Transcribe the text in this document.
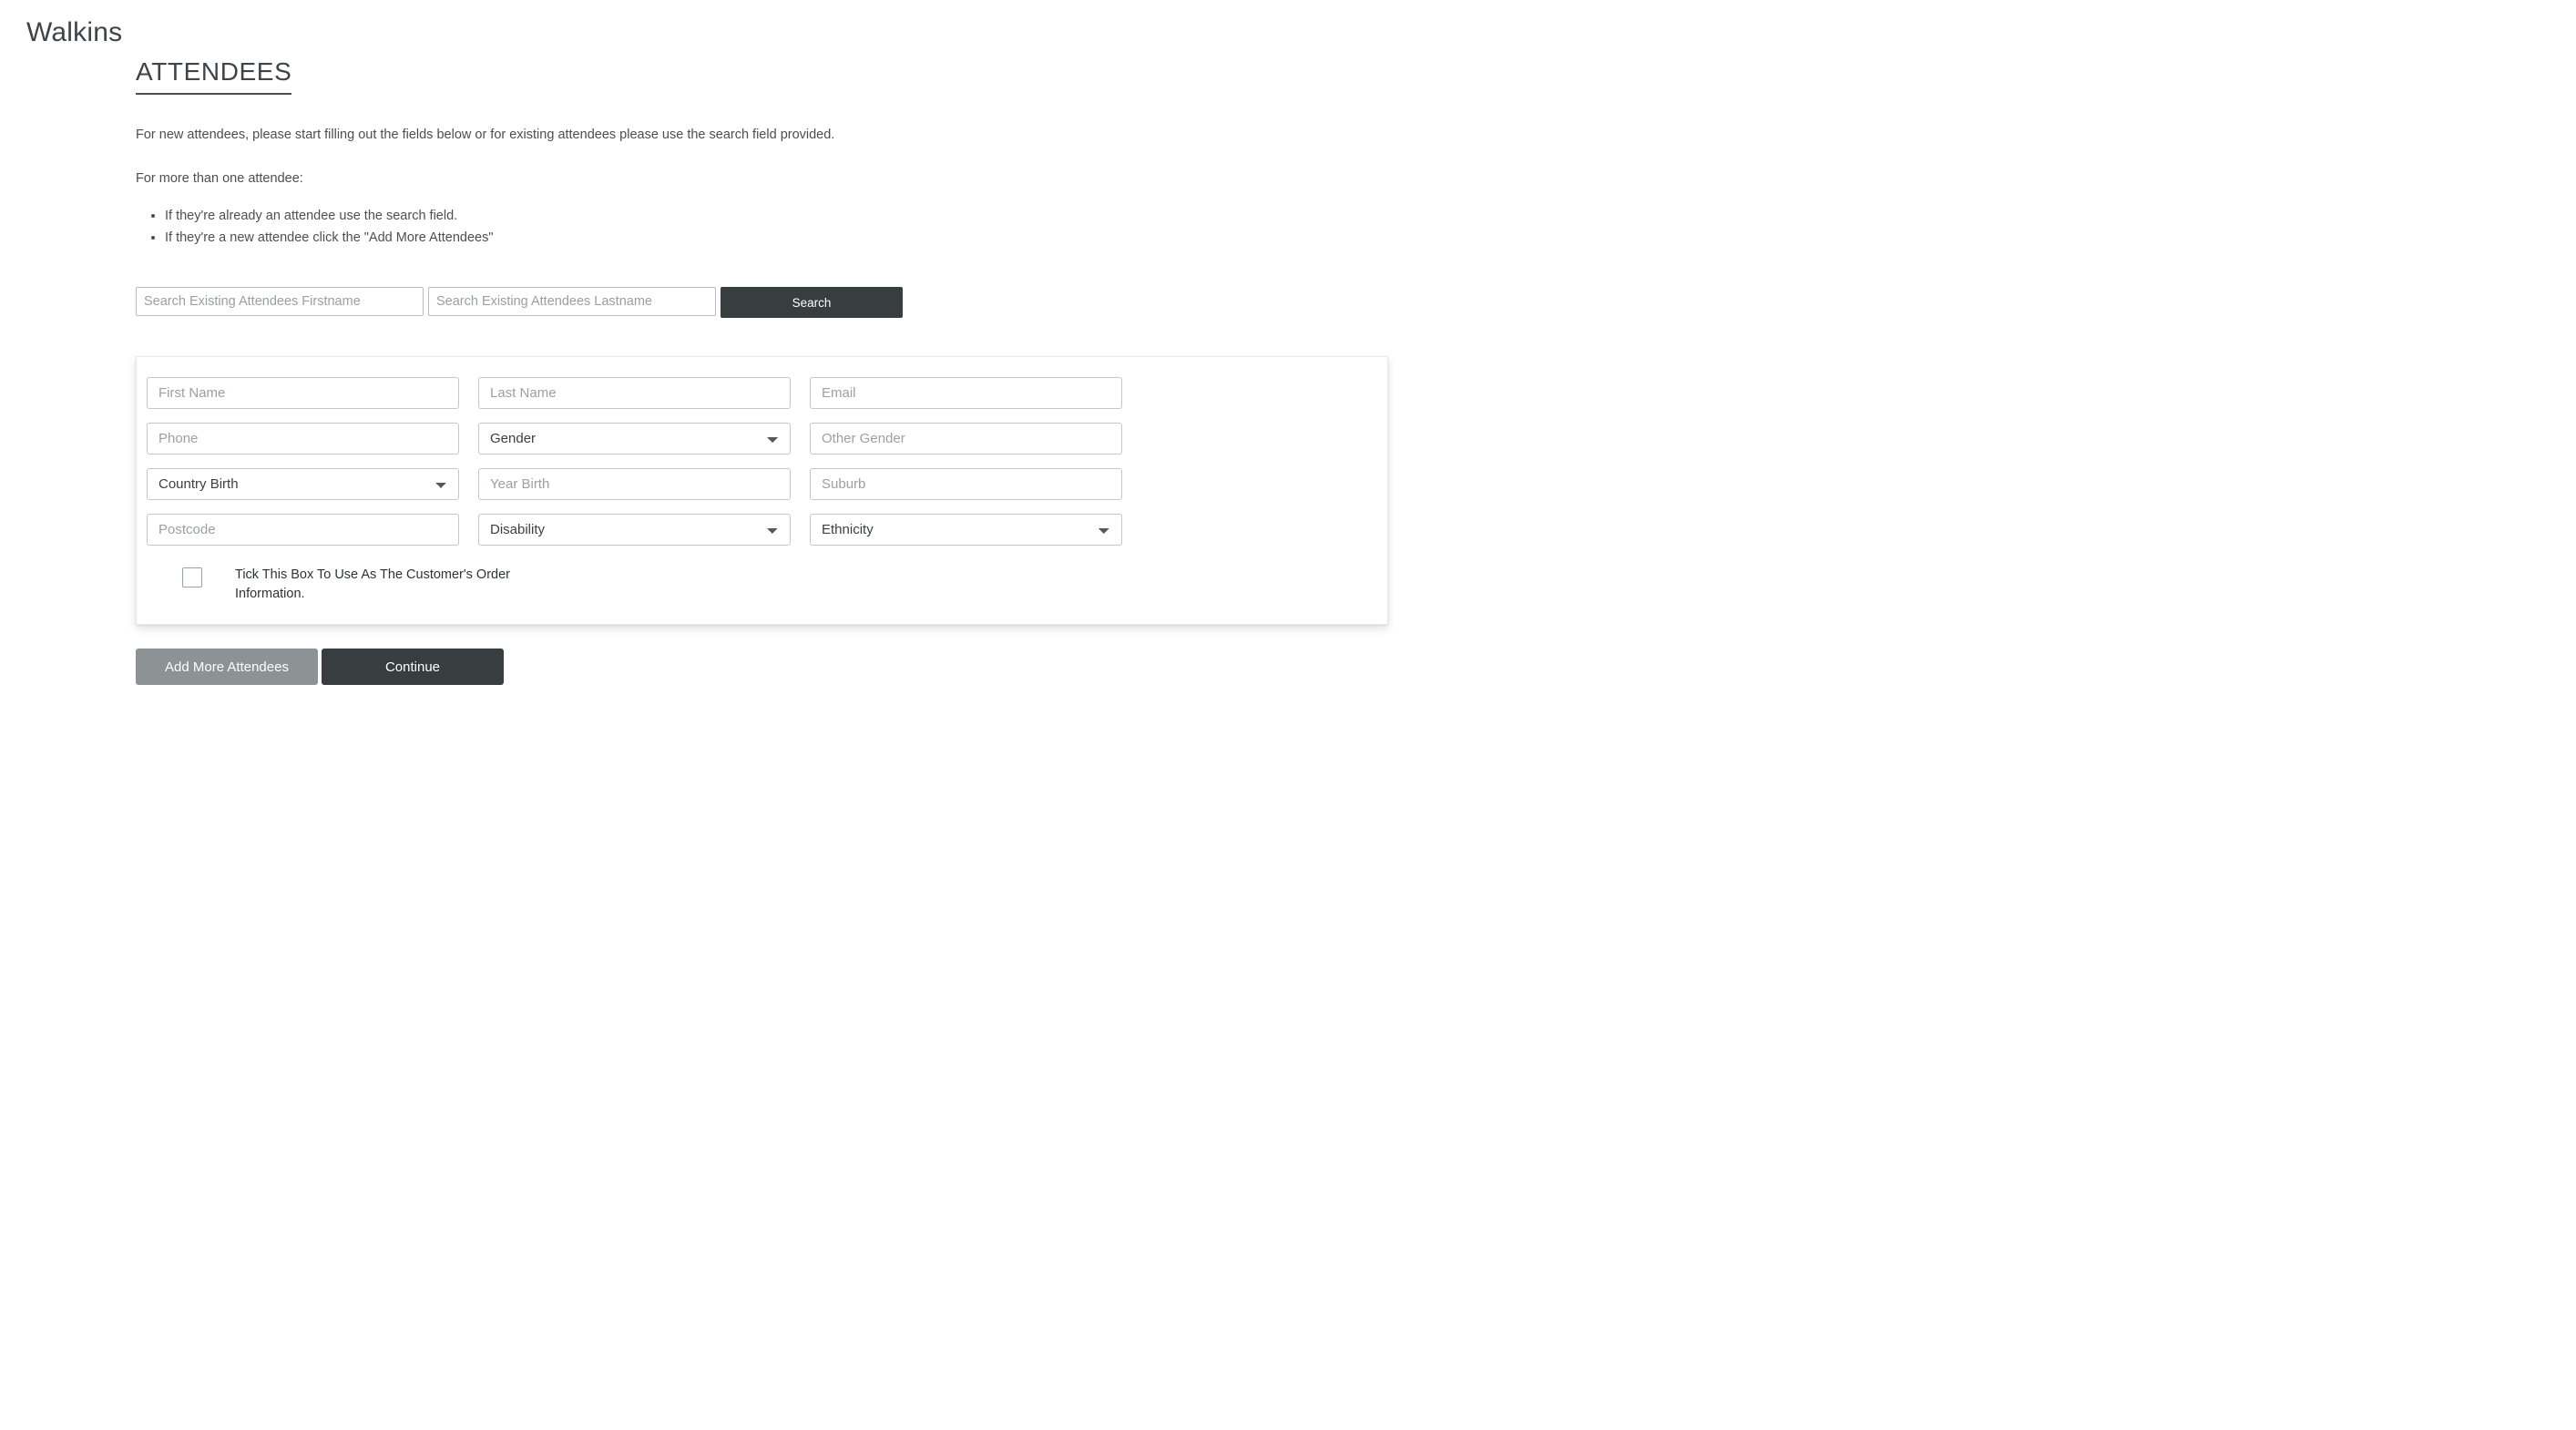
Walkins
ATTENDEES

For new attendees, please start filling out the fields below or for existing attendees please use the search field provided.

For more than one attendee:

• If they're already an attendee use the search field.
• If they're a new attendee click the "Add More Attendees"
Search Existing Attendees Firstname
Search Existing Attendees Lastname
Search
First Name
Last Name
Email
Phone
Gender
Other Gender
Country Birth
Year Birth
Suburb
Postcode
Disability
Ethnicity
Tick This Box To Use As The Customer's Order Information.
Add More Attendees	Continue
